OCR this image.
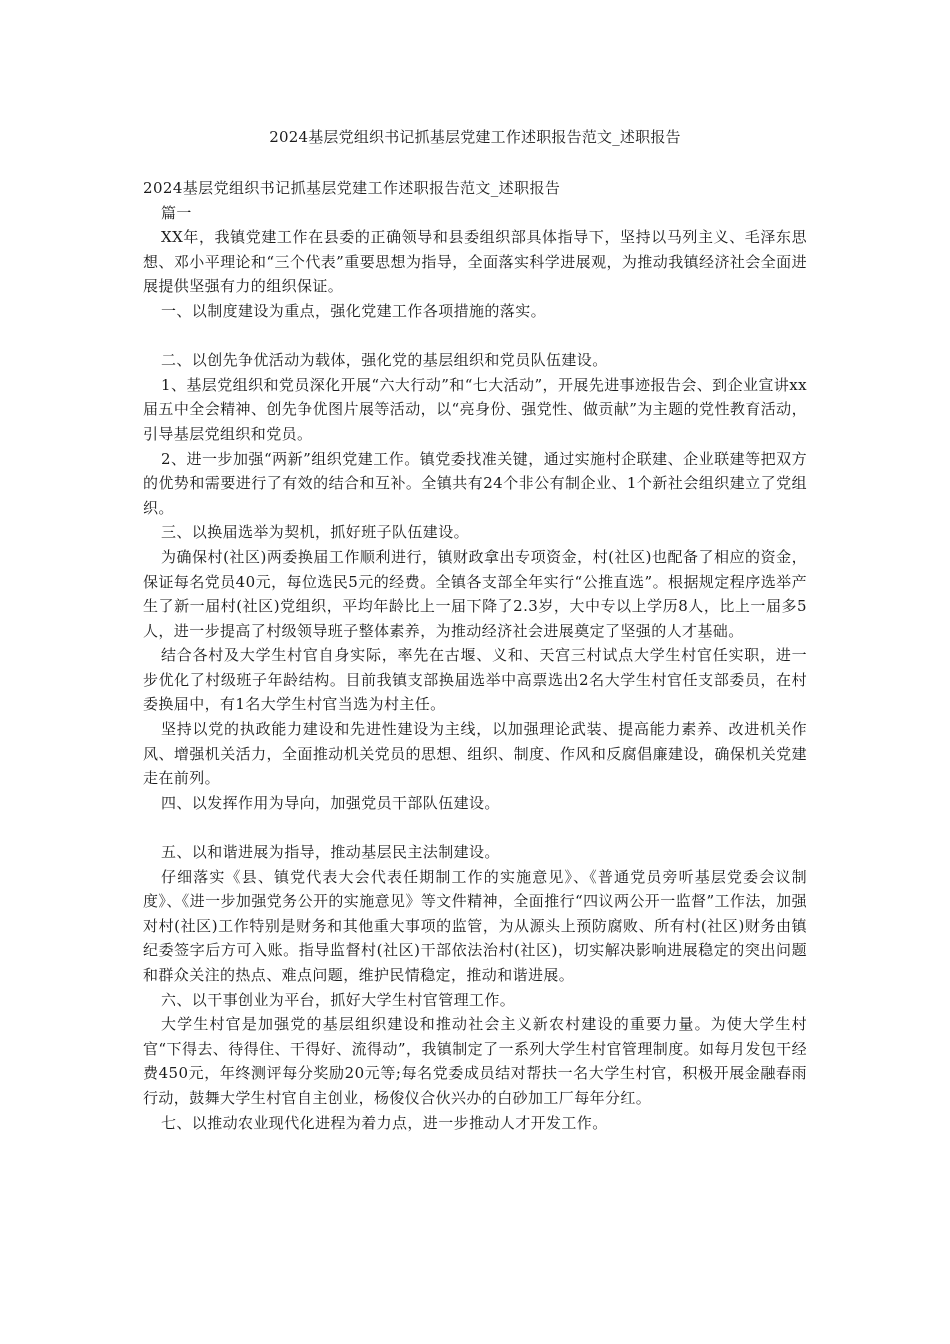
2024基层党组织书记抓基层党建工作述职报告范文_述职报告

2024基层党组织书记抓基层党建工作述职报告范文_述职报告

篇一

XX年，我镇党建工作在县委的正确领导和县委组织部具体指导下，坚持以马列主义、毛泽东思想、邓小平理论和“三个代表”重要思想为指导，全面落实科学进展观，为推动我镇经济社会全面进展提供坚强有力的组织保证。

一、以制度建设为重点，强化党建工作各项措施的落实。

二、以创先争优活动为载体，强化党的基层组织和党员队伍建设。

1、基层党组织和党员深化开展“六大行动”和“七大活动”，开展先进事迹报告会、到企业宣讲xx届五中全会精神、创先争优图片展等活动，以“亮身份、强党性、做贡献”为主题的党性教育活动，引导基层党组织和党员。

2、进一步加强“两新”组织党建工作。镇党委找准关键，通过实施村企联建、企业联建等把双方的优势和需要进行了有效的结合和互补。全镇共有24个非公有制企业、1个新社会组织建立了党组织。

三、以换届选举为契机，抓好班子队伍建设。

为确保村(社区)两委换届工作顺利进行，镇财政拿出专项资金，村(社区)也配备了相应的资金，保证每名党员40元，每位选民5元的经费。全镇各支部全年实行“公推直选”。根据规定程序选举产生了新一届村(社区)党组织，平均年龄比上一届下降了2.3岁，大中专以上学历8人，比上一届多5人，进一步提高了村级领导班子整体素养，为推动经济社会进展奠定了坚强的人才基础。

结合各村及大学生村官自身实际，率先在古堰、义和、天宫三村试点大学生村官任实职，进一步优化了村级班子年龄结构。目前我镇支部换届选举中高票选出2名大学生村官任支部委员，在村委换届中，有1名大学生村官当选为村主任。

坚持以党的执政能力建设和先进性建设为主线，以加强理论武装、提高能力素养、改进机关作风、增强机关活力，全面推动机关党员的思想、组织、制度、作风和反腐倡廉建设，确保机关党建走在前列。

四、以发挥作用为导向，加强党员干部队伍建设。

五、以和谐进展为指导，推动基层民主法制建设。

仔细落实《县、镇党代表大会代表任期制工作的实施意见》、《普通党员旁听基层党委会议制度》、《进一步加强党务公开的实施意见》等文件精神，全面推行“四议两公开一监督”工作法，加强对村(社区)工作特别是财务和其他重大事项的监管，为从源头上预防腐败、所有村(社区)财务由镇纪委签字后方可入账。指导监督村(社区)干部依法治村(社区)，切实解决影响进展稳定的突出问题和群众关注的热点、难点问题，维护民情稳定，推动和谐进展。

六、以干事创业为平台，抓好大学生村官管理工作。

大学生村官是加强党的基层组织建设和推动社会主义新农村建设的重要力量。为使大学生村官“下得去、待得住、干得好、流得动”，我镇制定了一系列大学生村官管理制度。如每月发包干经费450元，年终测评每分奖励20元等;每名党委成员结对帮扶一名大学生村官，积极开展金融春雨行动，鼓舞大学生村官自主创业，杨俊仪合伙兴办的白砂加工厂每年分红。

七、以推动农业现代化进程为着力点，进一步推动人才开发工作。
